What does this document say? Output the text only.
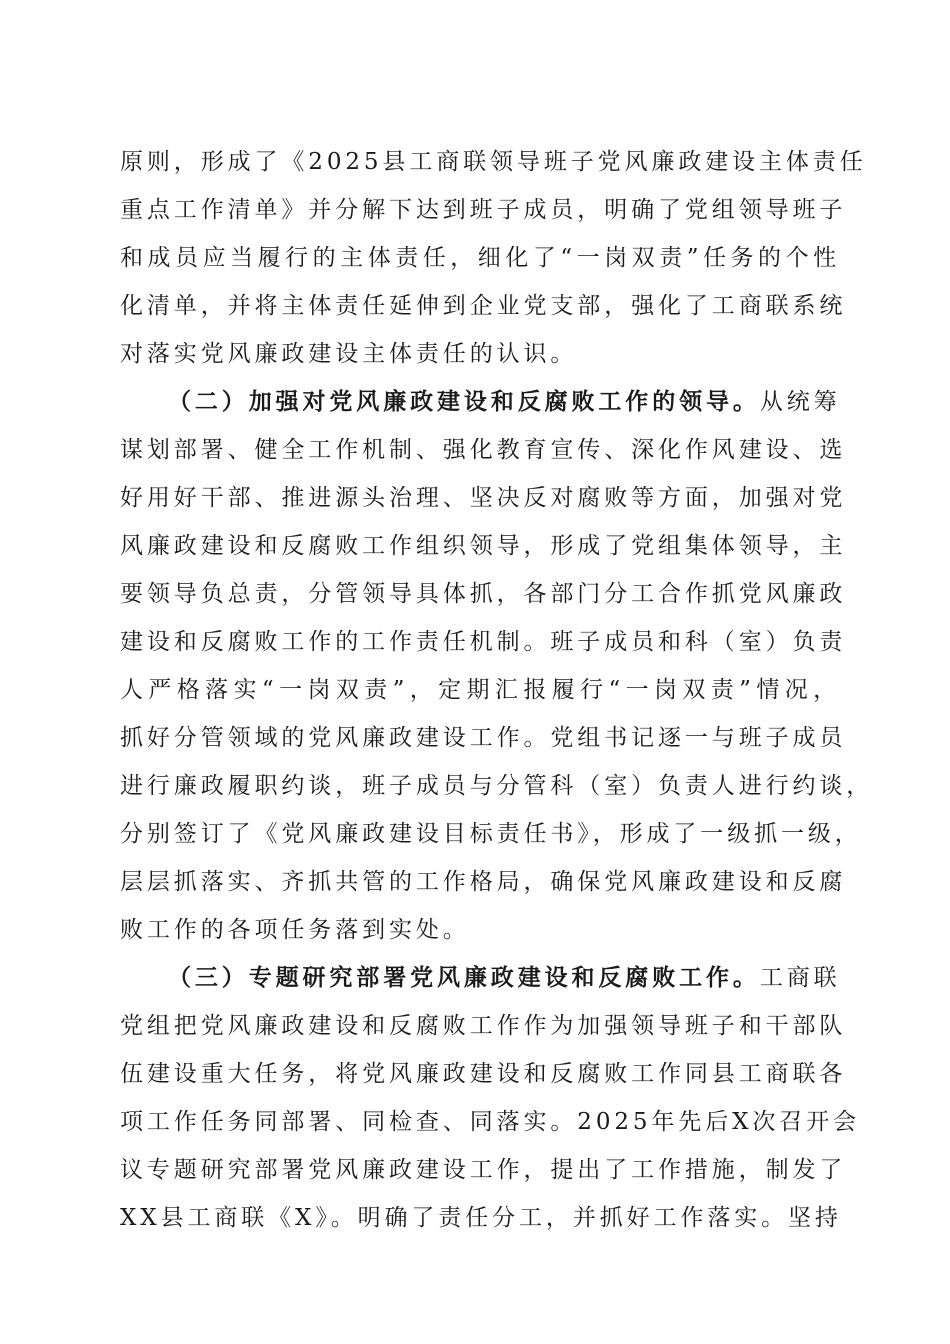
原则，形成了《2025县工商联领导班子党风廉政建设主体责任

重点工作清单》并分解下达到班子成员，明确了党组领导班子

和成员应当履行的主体责任，细化了“一岗双责”任务的个性

化清单，并将主体责任延伸到企业党支部，强化了工商联系统

对落实党风廉政建设主体责任的认识。

（二）加强对党风廉政建设和反腐败工作的领导。从统筹

谋划部署、健全工作机制、强化教育宣传、深化作风建设、选

好用好干部、推进源头治理、坚决反对腐败等方面，加强对党

风廉政建设和反腐败工作组织领导，形成了党组集体领导，主

要领导负总责，分管领导具体抓，各部门分工合作抓党风廉政

建设和反腐败工作的工作责任机制。班子成员和科（室）负责

人严格落实“一岗双责”，定期汇报履行“一岗双责”情况，

抓好分管领域的党风廉政建设工作。党组书记逐一与班子成员

进行廉政履职约谈，班子成员与分管科（室）负责人进行约谈，

分别签订了《党风廉政建设目标责任书》，形成了一级抓一级，

层层抓落实、齐抓共管的工作格局，确保党风廉政建设和反腐

败工作的各项任务落到实处。

（三）专题研究部署党风廉政建设和反腐败工作。工商联

党组把党风廉政建设和反腐败工作作为加强领导班子和干部队

伍建设重大任务，将党风廉政建设和反腐败工作同县工商联各

项工作任务同部署、同检查、同落实。2025年先后X次召开会

议专题研究部署党风廉政建设工作，提出了工作措施，制发了

XX县工商联《X》。明确了责任分工，并抓好工作落实。坚持
